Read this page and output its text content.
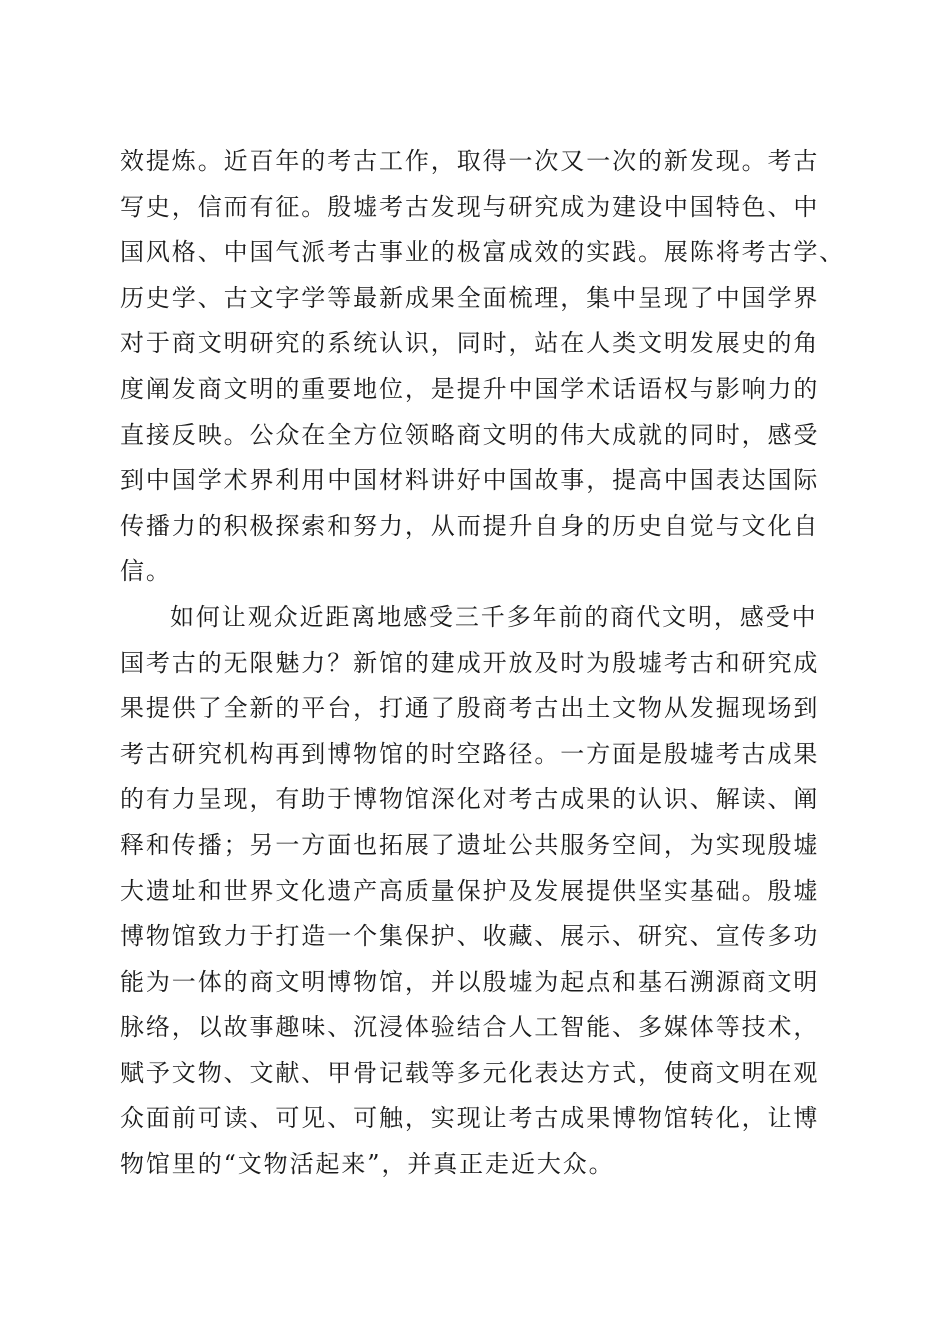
效提炼。近百年的考古工作，取得一次又一次的新发现。考古
写史，信而有征。殷墟考古发现与研究成为建设中国特色、中
国风格、中国气派考古事业的极富成效的实践。展陈将考古学、
历史学、古文字学等最新成果全面梳理，集中呈现了中国学界
对于商文明研究的系统认识，同时，站在人类文明发展史的角
度阐发商文明的重要地位，是提升中国学术话语权与影响力的
直接反映。公众在全方位领略商文明的伟大成就的同时，感受
到中国学术界利用中国材料讲好中国故事，提高中国表达国际
传播力的积极探索和努力，从而提升自身的历史自觉与文化自
信。
如何让观众近距离地感受三千多年前的商代文明，感受中
国考古的无限魅力？新馆的建成开放及时为殷墟考古和研究成
果提供了全新的平台，打通了殷商考古出土文物从发掘现场到
考古研究机构再到博物馆的时空路径。一方面是殷墟考古成果
的有力呈现，有助于博物馆深化对考古成果的认识、解读、阐
释和传播；另一方面也拓展了遗址公共服务空间，为实现殷墟
大遗址和世界文化遗产高质量保护及发展提供坚实基础。殷墟
博物馆致力于打造一个集保护、收藏、展示、研究、宣传多功
能为一体的商文明博物馆，并以殷墟为起点和基石溯源商文明
脉络，以故事趣味、沉浸体验结合人工智能、多媒体等技术，
赋予文物、文献、甲骨记载等多元化表达方式，使商文明在观
众面前可读、可见、可触，实现让考古成果博物馆转化，让博
物馆里的“文物活起来”，并真正走近大众。
